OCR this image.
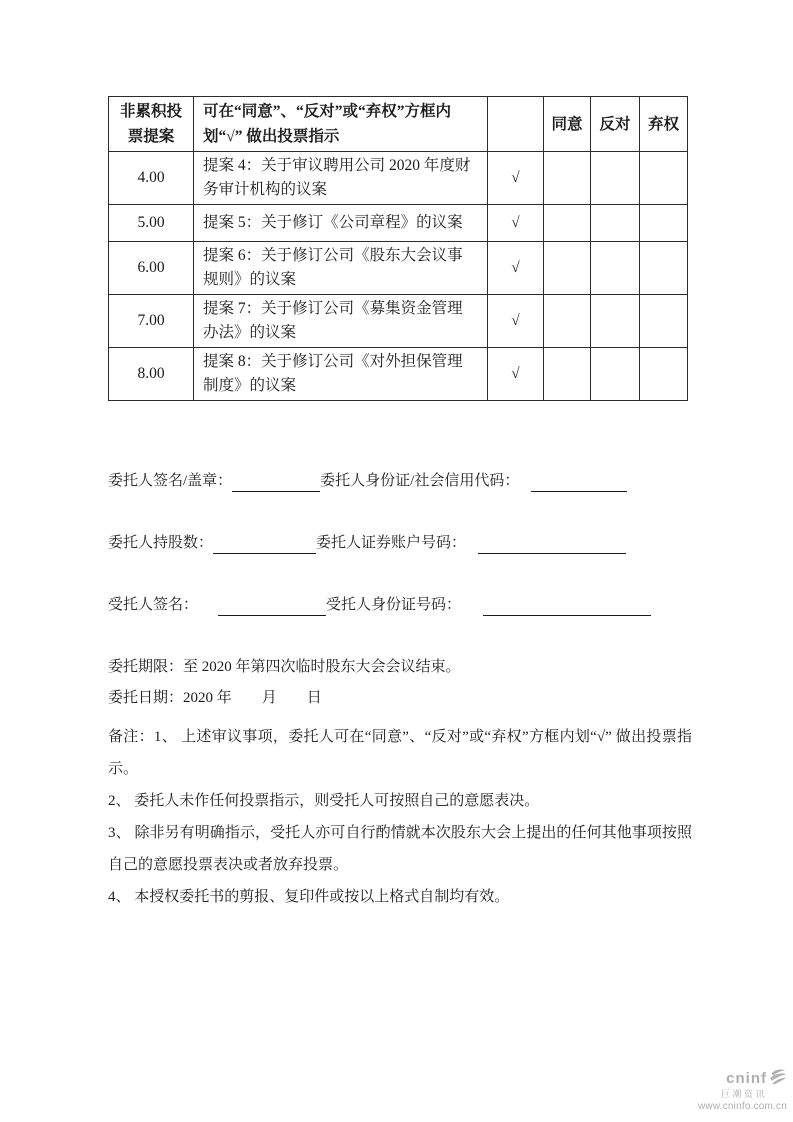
非累积投票提案	可在“同意”、“反对”或“弃权”方框内划“√” 做出投票指示		同意	反对	弃权
4.00	提案 4：关于审议聘用公司 2020 年度财务审计机构的议案	√			
5.00	提案 5：关于修订《公司章程》的议案	√			
6.00	提案 6：关于修订公司《股东大会议事规则》的议案	√			
7.00	提案 7：关于修订公司《募集资金管理办法》的议案	√			
8.00	提案 8：关于修订公司《对外担保管理制度》的议案	√			
委托人签名/盖章：	委托人身份证/社会信用代码：
委托人持股数：	委托人证券账户号码：
受托人签名：	受托人身份证号码：
委托期限：至 2020 年第四次临时股东大会会议结束。
委托日期：2020 年　　月　　日

备注：1、 上述审议事项，委托人可在“同意”、“反对”或“弃权”方框内划“√” 做出投票指示。

2、 委托人未作任何投票指示，则受托人可按照自己的意愿表决。

3、 除非另有明确指示，受托人亦可自行酌情就本次股东大会上提出的任何其他事项按照自己的意愿投票表决或者放弃投票。

4、 本授权委托书的剪报、复印件或按以上格式自制均有效。

cninf
巨潮资讯
www.cninfo.com.cn
